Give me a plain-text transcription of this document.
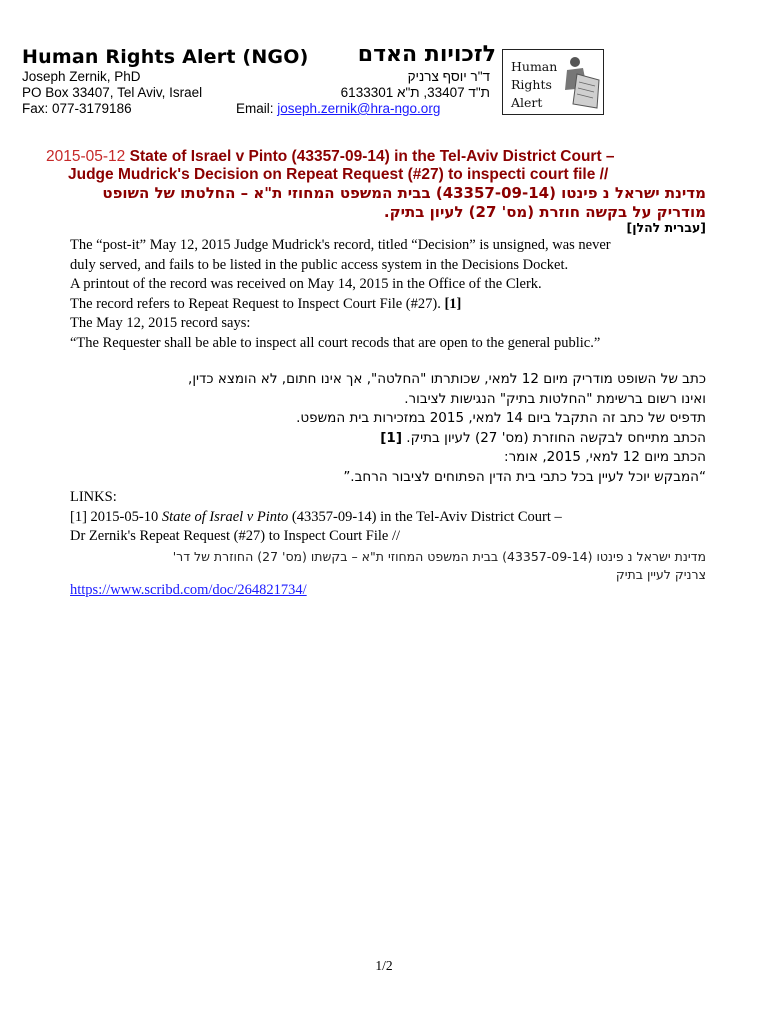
Human Rights Alert (NGO) לזכויות האדם
Joseph Zernik, PhD	ד"ר יוסף צרניק
PO Box 33407, Tel Aviv, Israel	ת"ד 33407, ת"א 6133301
Fax: 077-3179186	Email: joseph.zernik@hra-ngo.org
Human
Rights
Alert
2015-05-12 State of Israel v Pinto (43357-09-14) in the Tel-Aviv District Court –
Judge Mudrick's Decision on Repeat Request (#27) to inspecti court file //
מדינת ישראל נ פינטו (43357-09-14) בבית המשפט המחוזי ת"א – החלטתו של השופט
מודריק על בקשה חוזרת (מס' 27) לעיון בתיק.
[עברית להלן]

The “post-it” May 12, 2015 Judge Mudrick's record, titled “Decision” is unsigned, was never

duly served, and fails to be listed in the public access system in the Decisions Docket.

A printout of the record was received on May 14, 2015 in the Office of the Clerk.

The record refers to Repeat Request to Inspect Court File (#27). [1]

The May 12, 2015 record says:

“The Requester shall be able to inspect all court recods that are open to the general public.”

כתב של השופט מודריק מיום 12 למאי, שכותרתו "החלטה", אך אינו חתום, לא הומצא כדין,

ואינו רשום ברשימת "החלטות בתיק" הנגישות לציבור.

תדפיס של כתב זה התקבל ביום 14 למאי, 2015 במזכירות בית המשפט.

הכתב מתייחס לבקשה החוזרת (מס' 27) לעיון בתיק. [1]

הכתב מיום 12 למאי, 2015, אומר:

“המבקש יוכל לעיין בכל כתבי בית הדין הפתוחים לציבור הרחב.”

LINKS:

[1] 2015-05-10 State of Israel v Pinto (43357-09-14) in the Tel-Aviv District Court –

Dr Zernik's Repeat Request (#27) to Inspect Court File //

מדינת ישראל נ פינטו (43357-09-14) בבית המשפט המחוזי ת"א – בקשתו (מס' 27) החוזרת של דר'

צרניק לעיין בתיק

https://www.scribd.com/doc/264821734/
1/2
